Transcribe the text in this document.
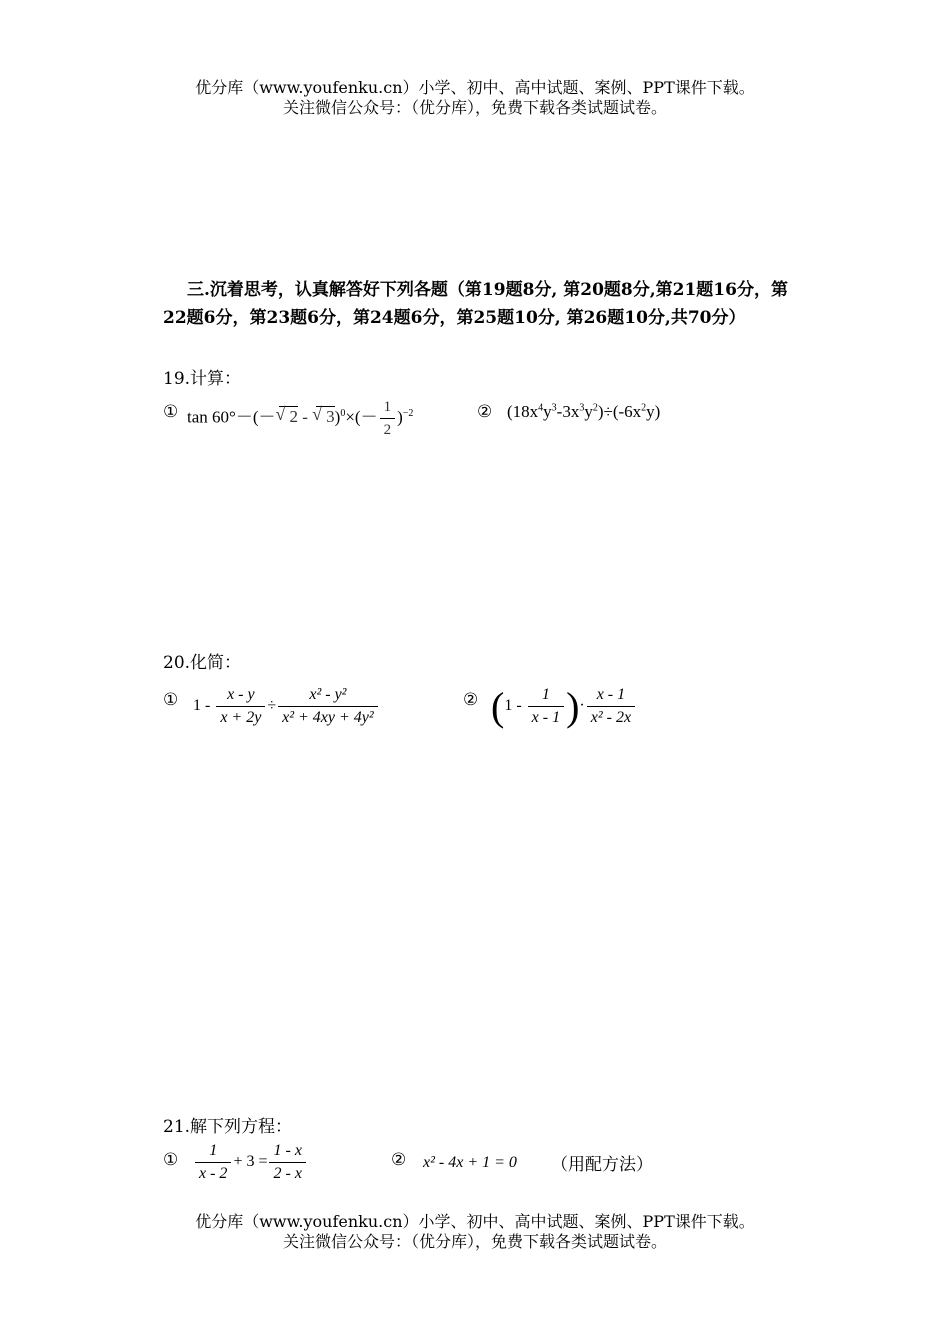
优分库（www.youfenku.cn）小学、初中、高中试题、案例、PPT课件下载。
关注微信公众号：（优分库），免费下载各类试题试卷。
三.沉着思考，认真解答好下列各题（第19题8分, 第20题8分,第21题16分，第22题6分，第23题6分，第24题6分，第25题10分, 第26题10分,共70分）
19.计算：
① tan 60°－(－√ 2 - √ $3)^0\times(- \frac{1}{2} )^{-2}$	② $(18x^4y^3-3x^3y^2)\div(-6x^2y)$
20.化简：
① $1 - \frac{x - y}{x + 2y} \div \frac{\text{x² - y²}}{\text{x² + 4xy + 4y²}}$	② ($1 - \frac{1}{x - 1}$ )· $\frac{x - 1}{\text{x² - 2x}}$
21.解下列方程：
① $\frac{1}{x - 2} + 3 = \frac{1 - x}{2 - x}$	② x² - 4x + 1 = 0 （用配方法）
优分库（www.youfenku.cn）小学、初中、高中试题、案例、PPT课件下载。
关注微信公众号：（优分库），免费下载各类试题试卷。
